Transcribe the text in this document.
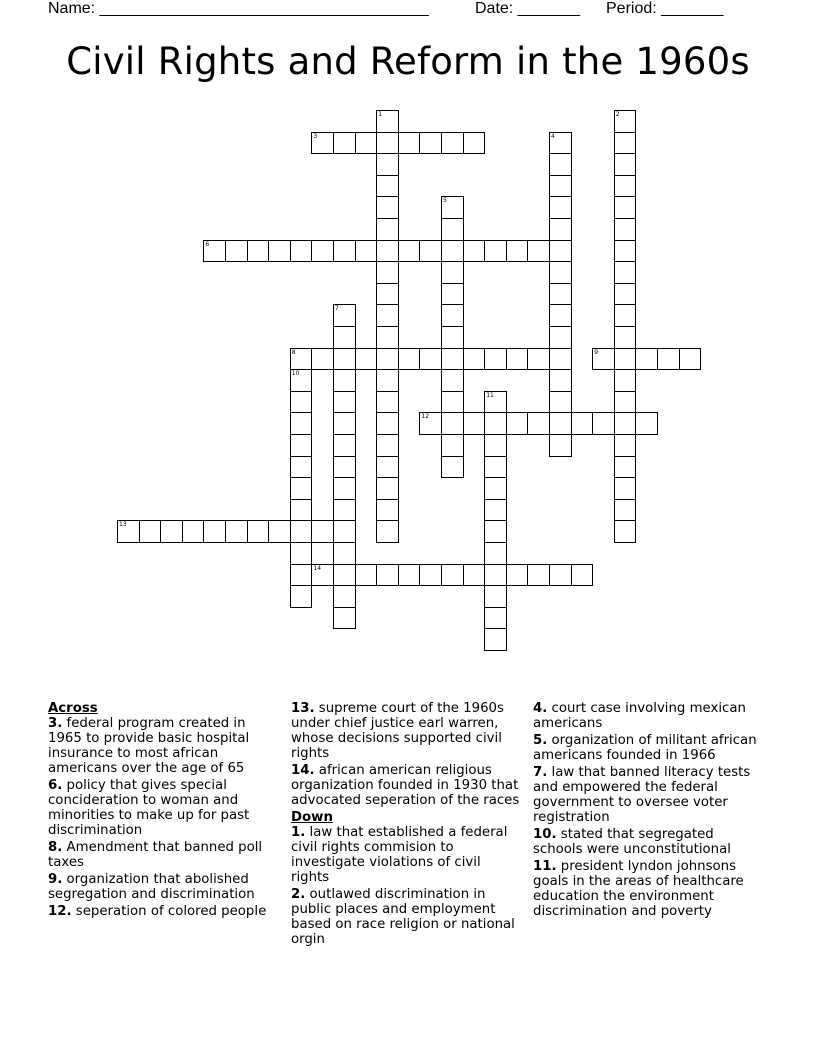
Name: _____________________________________

	Date: _______

Period: _______

Civil Rights and Reform in the 1960s
1	2
3	4
5
6
7
8	9
10
11
12
13
14
Across
3. federal program created in 1965 to provide basic hospital insurance to most african americans over the age of 65
6. policy that gives special concideration to woman and minorities to make up for past discrimination
8. Amendment that banned poll taxes
9. organization that abolished segregation and discrimination
12. seperation of colored people
13. supreme court of the 1960s under chief justice earl warren, whose decisions supported civil rights
14. african american religious organization founded in 1930 that advocated seperation of the races
Down
1. law that established a federal civil rights commision to investigate violations of civil rights
2. outlawed discrimination in public places and employment based on race religion or national orgin
4. court case involving mexican americans
5. organization of militant african americans founded in 1966
7. law that banned literacy tests and empowered the federal government to oversee voter registration
10. stated that segregated schools were unconstitutional
11. president lyndon johnsons goals in the areas of healthcare education the environment discrimination and poverty
